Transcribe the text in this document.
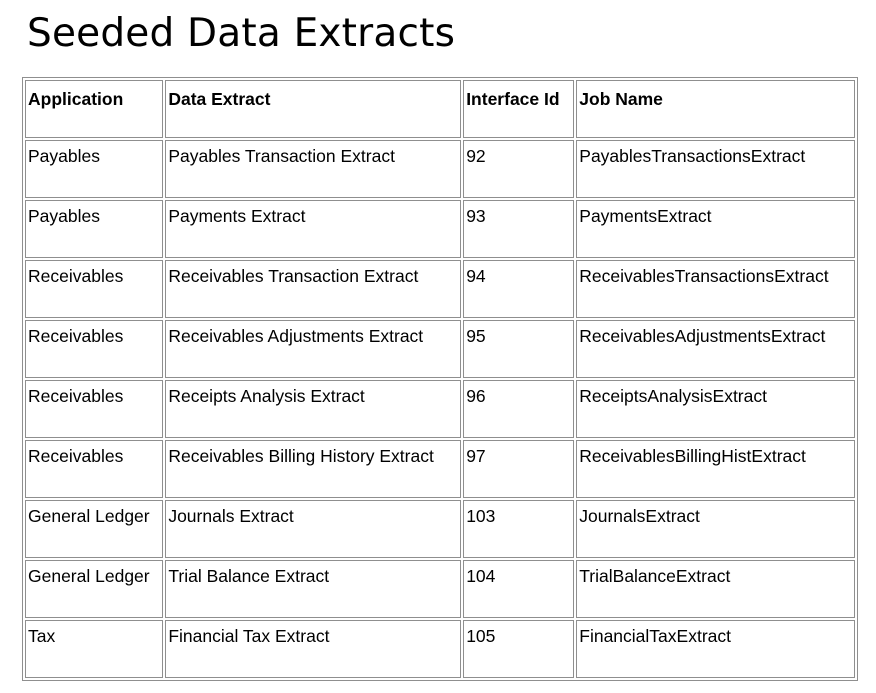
Seeded Data Extracts
Application	Data Extract	Interface Id	Job Name
Payables	Payables Transaction Extract	92	PayablesTransactionsExtract
Payables	Payments Extract	93	PaymentsExtract
Receivables	Receivables Transaction Extract	94	ReceivablesTransactionsExtract
Receivables	Receivables Adjustments Extract	95	ReceivablesAdjustmentsExtract
Receivables	Receipts Analysis Extract	96	ReceiptsAnalysisExtract
Receivables	Receivables Billing History Extract	97	ReceivablesBillingHistExtract
General Ledger	Journals Extract	103	JournalsExtract
General Ledger	Trial Balance Extract	104	TrialBalanceExtract
Tax	Financial Tax Extract	105	FinancialTaxExtract
